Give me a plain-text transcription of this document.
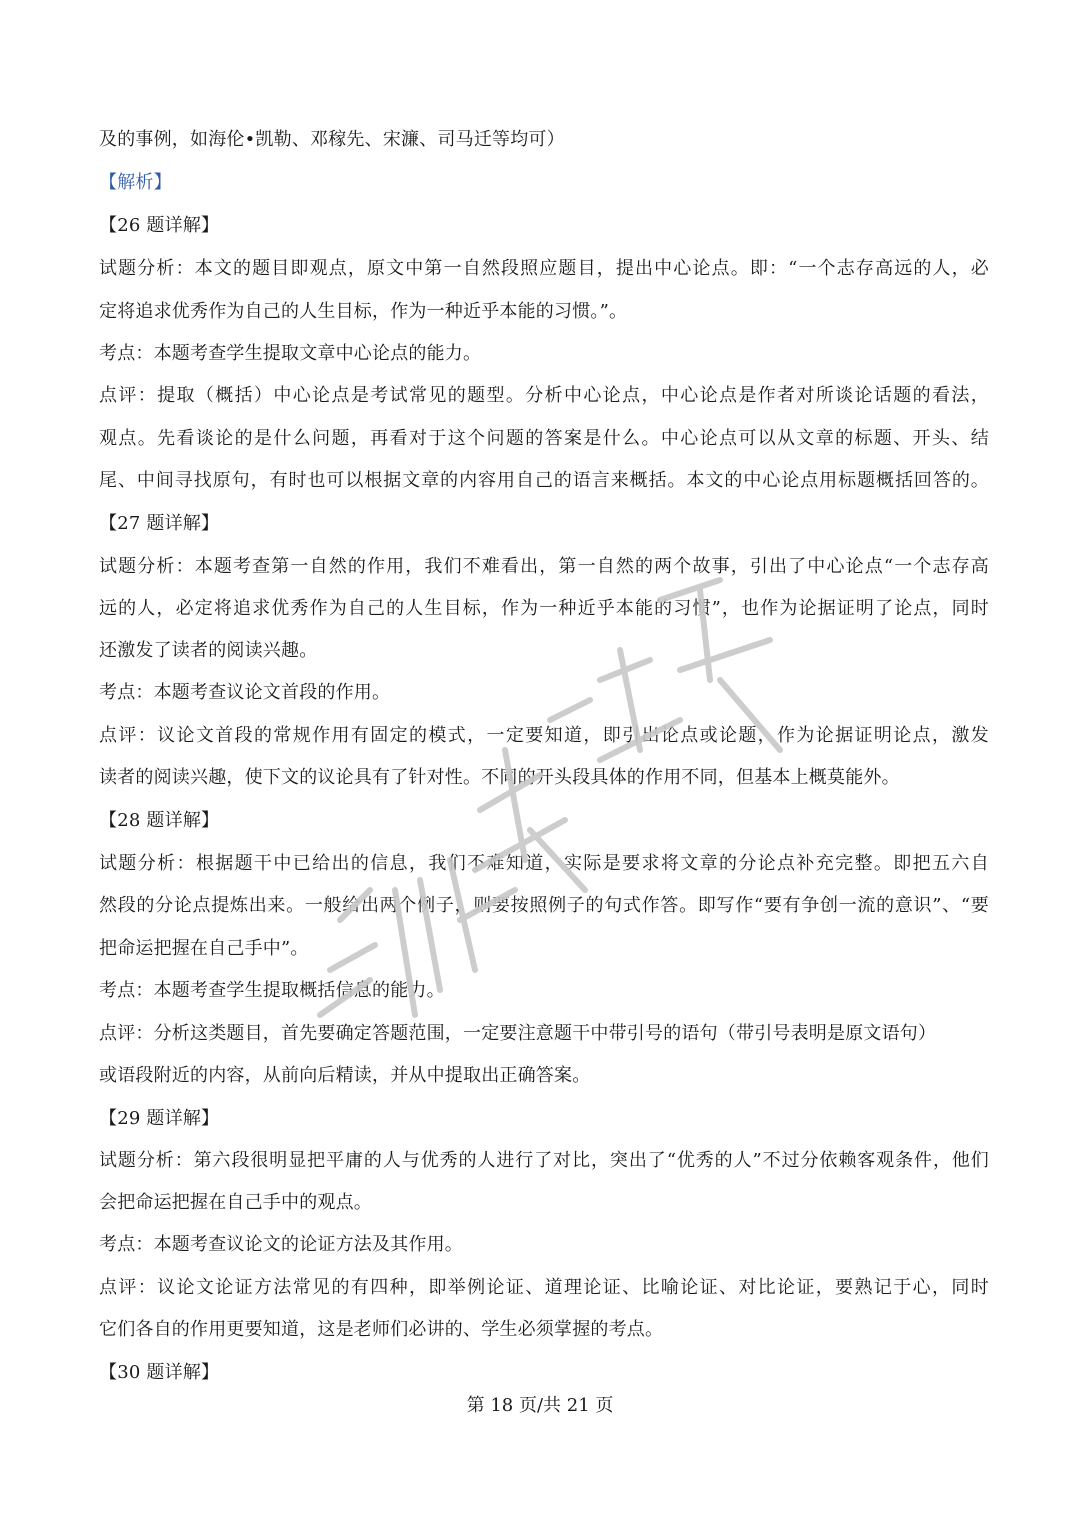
及的事例，如海伦•凯勒、邓稼先、宋濂、司马迁等均可）
【解析】
【26 题详解】
试题分析：本文的题目即观点，原文中第一自然段照应题目，提出中心论点。即：“一个志存高远的人，必
定将追求优秀作为自己的人生目标，作为一种近乎本能的习惯。”。
考点：本题考查学生提取文章中心论点的能力。
点评：提取（概括）中心论点是考试常见的题型。分析中心论点，中心论点是作者对所谈论话题的看法，
观点。先看谈论的是什么问题，再看对于这个问题的答案是什么。中心论点可以从文章的标题、开头、结
尾、中间寻找原句，有时也可以根据文章的内容用自己的语言来概括。本文的中心论点用标题概括回答的。
【27 题详解】
试题分析：本题考查第一自然的作用，我们不难看出，第一自然的两个故事，引出了中心论点“一个志存高
远的人，必定将追求优秀作为自己的人生目标，作为一种近乎本能的习惯”，也作为论据证明了论点，同时
还激发了读者的阅读兴趣。
考点：本题考查议论文首段的作用。
点评：议论文首段的常规作用有固定的模式，一定要知道，即引出论点或论题，作为论据证明论点，激发
读者的阅读兴趣，使下文的议论具有了针对性。不同的开头段具体的作用不同，但基本上概莫能外。
【28 题详解】
试题分析：根据题干中已给出的信息，我们不难知道，实际是要求将文章的分论点补充完整。即把五六自
然段的分论点提炼出来。一般给出两个例子，则要按照例子的句式作答。即写作“要有争创一流的意识”、“要
把命运把握在自己手中”。
考点：本题考查学生提取概括信息的能力。
点评：分析这类题目，首先要确定答题范围，一定要注意题干中带引号的语句（带引号表明是原文语句）
或语段附近的内容，从前向后精读，并从中提取出正确答案。
【29 题详解】
试题分析：第六段很明显把平庸的人与优秀的人进行了对比，突出了“优秀的人”不过分依赖客观条件，他们
会把命运把握在自己手中的观点。
考点：本题考查议论文的论证方法及其作用。
点评：议论文论证方法常见的有四种，即举例论证、道理论证、比喻论证、对比论证，要熟记于心，同时
它们各自的作用更要知道，这是老师们必讲的、学生必须掌握的考点。
【30 题详解】
第 18 页/共 21 页
